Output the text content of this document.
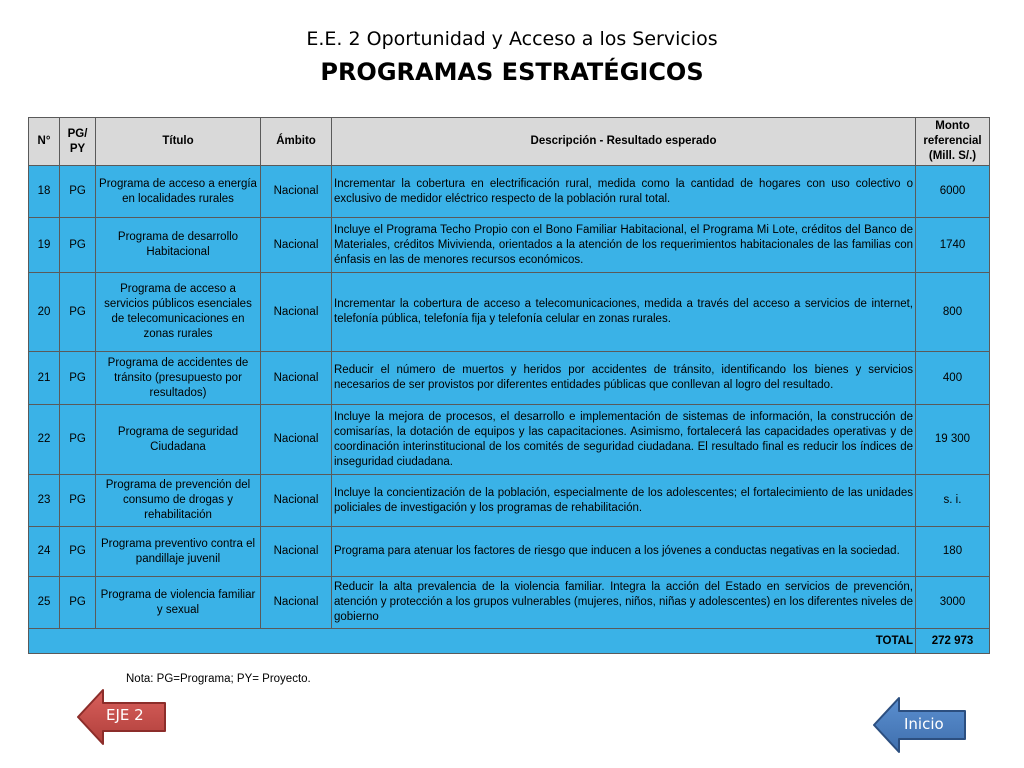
E.E. 2 Oportunidad y Acceso a los Servicios
PROGRAMAS ESTRATÉGICOS
N°	PG/ PY	Título	Ámbito	Descripción - Resultado esperado	Monto referencial (Mill. S/.)
18	PG	Programa de acceso a energía en localidades rurales	Nacional	Incrementar la cobertura en electrificación rural, medida como la cantidad de hogares con uso colectivo o exclusivo de medidor eléctrico respecto de la población rural total.	6000
19	PG	Programa de desarrollo Habitacional	Nacional	Incluye el Programa Techo Propio con el Bono Familiar Habitacional, el Programa Mi Lote, créditos del Banco de Materiales, créditos Mivivienda, orientados a la atención de los requerimientos habitacionales de las familias con énfasis en las de menores recursos económicos.	1740
20	PG	Programa de acceso a servicios públicos esenciales de telecomunicaciones en zonas rurales	Nacional	Incrementar la cobertura de acceso a telecomunicaciones, medida a través del acceso a servicios de internet, telefonía pública, telefonía fija y telefonía celular en zonas rurales.	800
21	PG	Programa de accidentes de tránsito (presupuesto por resultados)	Nacional	Reducir el número de muertos y heridos por accidentes de tránsito, identificando los bienes y servicios necesarios de ser provistos por diferentes entidades públicas que conllevan al logro del resultado.	400
22	PG	Programa de seguridad Ciudadana	Nacional	Incluye la mejora de procesos, el desarrollo e implementación de sistemas de información, la construcción de comisarías, la dotación de equipos y las capacitaciones. Asimismo, fortalecerá las capacidades operativas y de coordinación interinstitucional de los comités de seguridad ciudadana. El resultado final es reducir los índices de inseguridad ciudadana.	19 300
23	PG	Programa de prevención del consumo de drogas y rehabilitación	Nacional	Incluye la concientización de la población, especialmente de los adolescentes; el fortalecimiento de las unidades policiales de investigación y los programas de rehabilitación.	s. i.
24	PG	Programa preventivo contra el pandillaje juvenil	Nacional	Programa para atenuar los factores de riesgo que inducen a los jóvenes a conductas negativas en la sociedad.	180
25	PG	Programa de violencia familiar y sexual	Nacional	Reducir la alta prevalencia de la violencia familiar. Integra la acción del Estado en servicios de prevención, atención y protección a los grupos vulnerables (mujeres, niños, niñas y adolescentes) en los diferentes niveles de gobierno	3000
TOTAL					272 973
Nota: PG=Programa; PY= Proyecto.
EJE 2	Inicio
